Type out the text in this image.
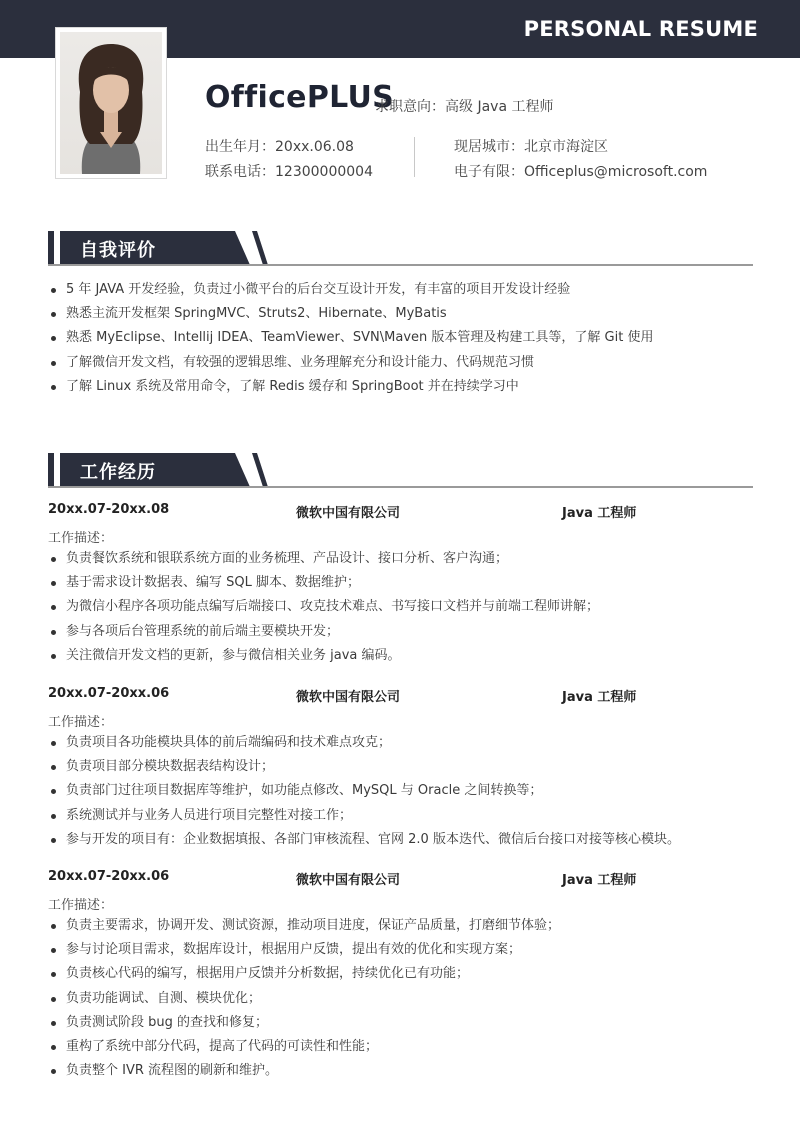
PERSONAL RESUME
OfficePLUS
求职意向：高级 Java 工程师
出生年月：20xx.06.08
联系电话：12300000004
现居城市：北京市海淀区
电子有限：Officeplus@microsoft.com
自我评价
5 年 JAVA 开发经验，负责过小微平台的后台交互设计开发，有丰富的项目开发设计经验
熟悉主流开发框架 SpringMVC、Struts2、Hibernate、MyBatis
熟悉 MyEclipse、Intellij IDEA、TeamViewer、SVN\Maven 版本管理及构建工具等，了解 Git 使用
了解微信开发文档，有较强的逻辑思维、业务理解充分和设计能力、代码规范习惯
了解 Linux 系统及常用命令，了解 Redis 缓存和 SpringBoot 并在持续学习中
工作经历
20xx.07-20xx.08	微软中国有限公司	Java 工程师
工作描述：
负责餐饮系统和银联系统方面的业务梳理、产品设计、接口分析、客户沟通；
基于需求设计数据表、编写 SQL 脚本、数据维护；
为微信小程序各项功能点编写后端接口、攻克技术难点、书写接口文档并与前端工程师讲解；
参与各项后台管理系统的前后端主要模块开发；
关注微信开发文档的更新，参与微信相关业务 java 编码。
20xx.07-20xx.06	微软中国有限公司	Java 工程师
工作描述：
负责项目各功能模块具体的前后端编码和技术难点攻克；
负责项目部分模块数据表结构设计；
负责部门过往项目数据库等维护，如功能点修改、MySQL 与 Oracle 之间转换等；
系统测试并与业务人员进行项目完整性对接工作；
参与开发的项目有：企业数据填报、各部门审核流程、官网 2.0 版本迭代、微信后台接口对接等核心模块。
20xx.07-20xx.06	微软中国有限公司	Java 工程师
工作描述：
负责主要需求，协调开发、测试资源，推动项目进度，保证产品质量，打磨细节体验；
参与讨论项目需求，数据库设计，根据用户反馈，提出有效的优化和实现方案；
负责核心代码的编写，根据用户反馈并分析数据，持续优化已有功能；
负责功能调试、自测、模块优化；
负责测试阶段 bug 的查找和修复；
重构了系统中部分代码，提高了代码的可读性和性能；
负责整个 IVR 流程图的刷新和维护。
